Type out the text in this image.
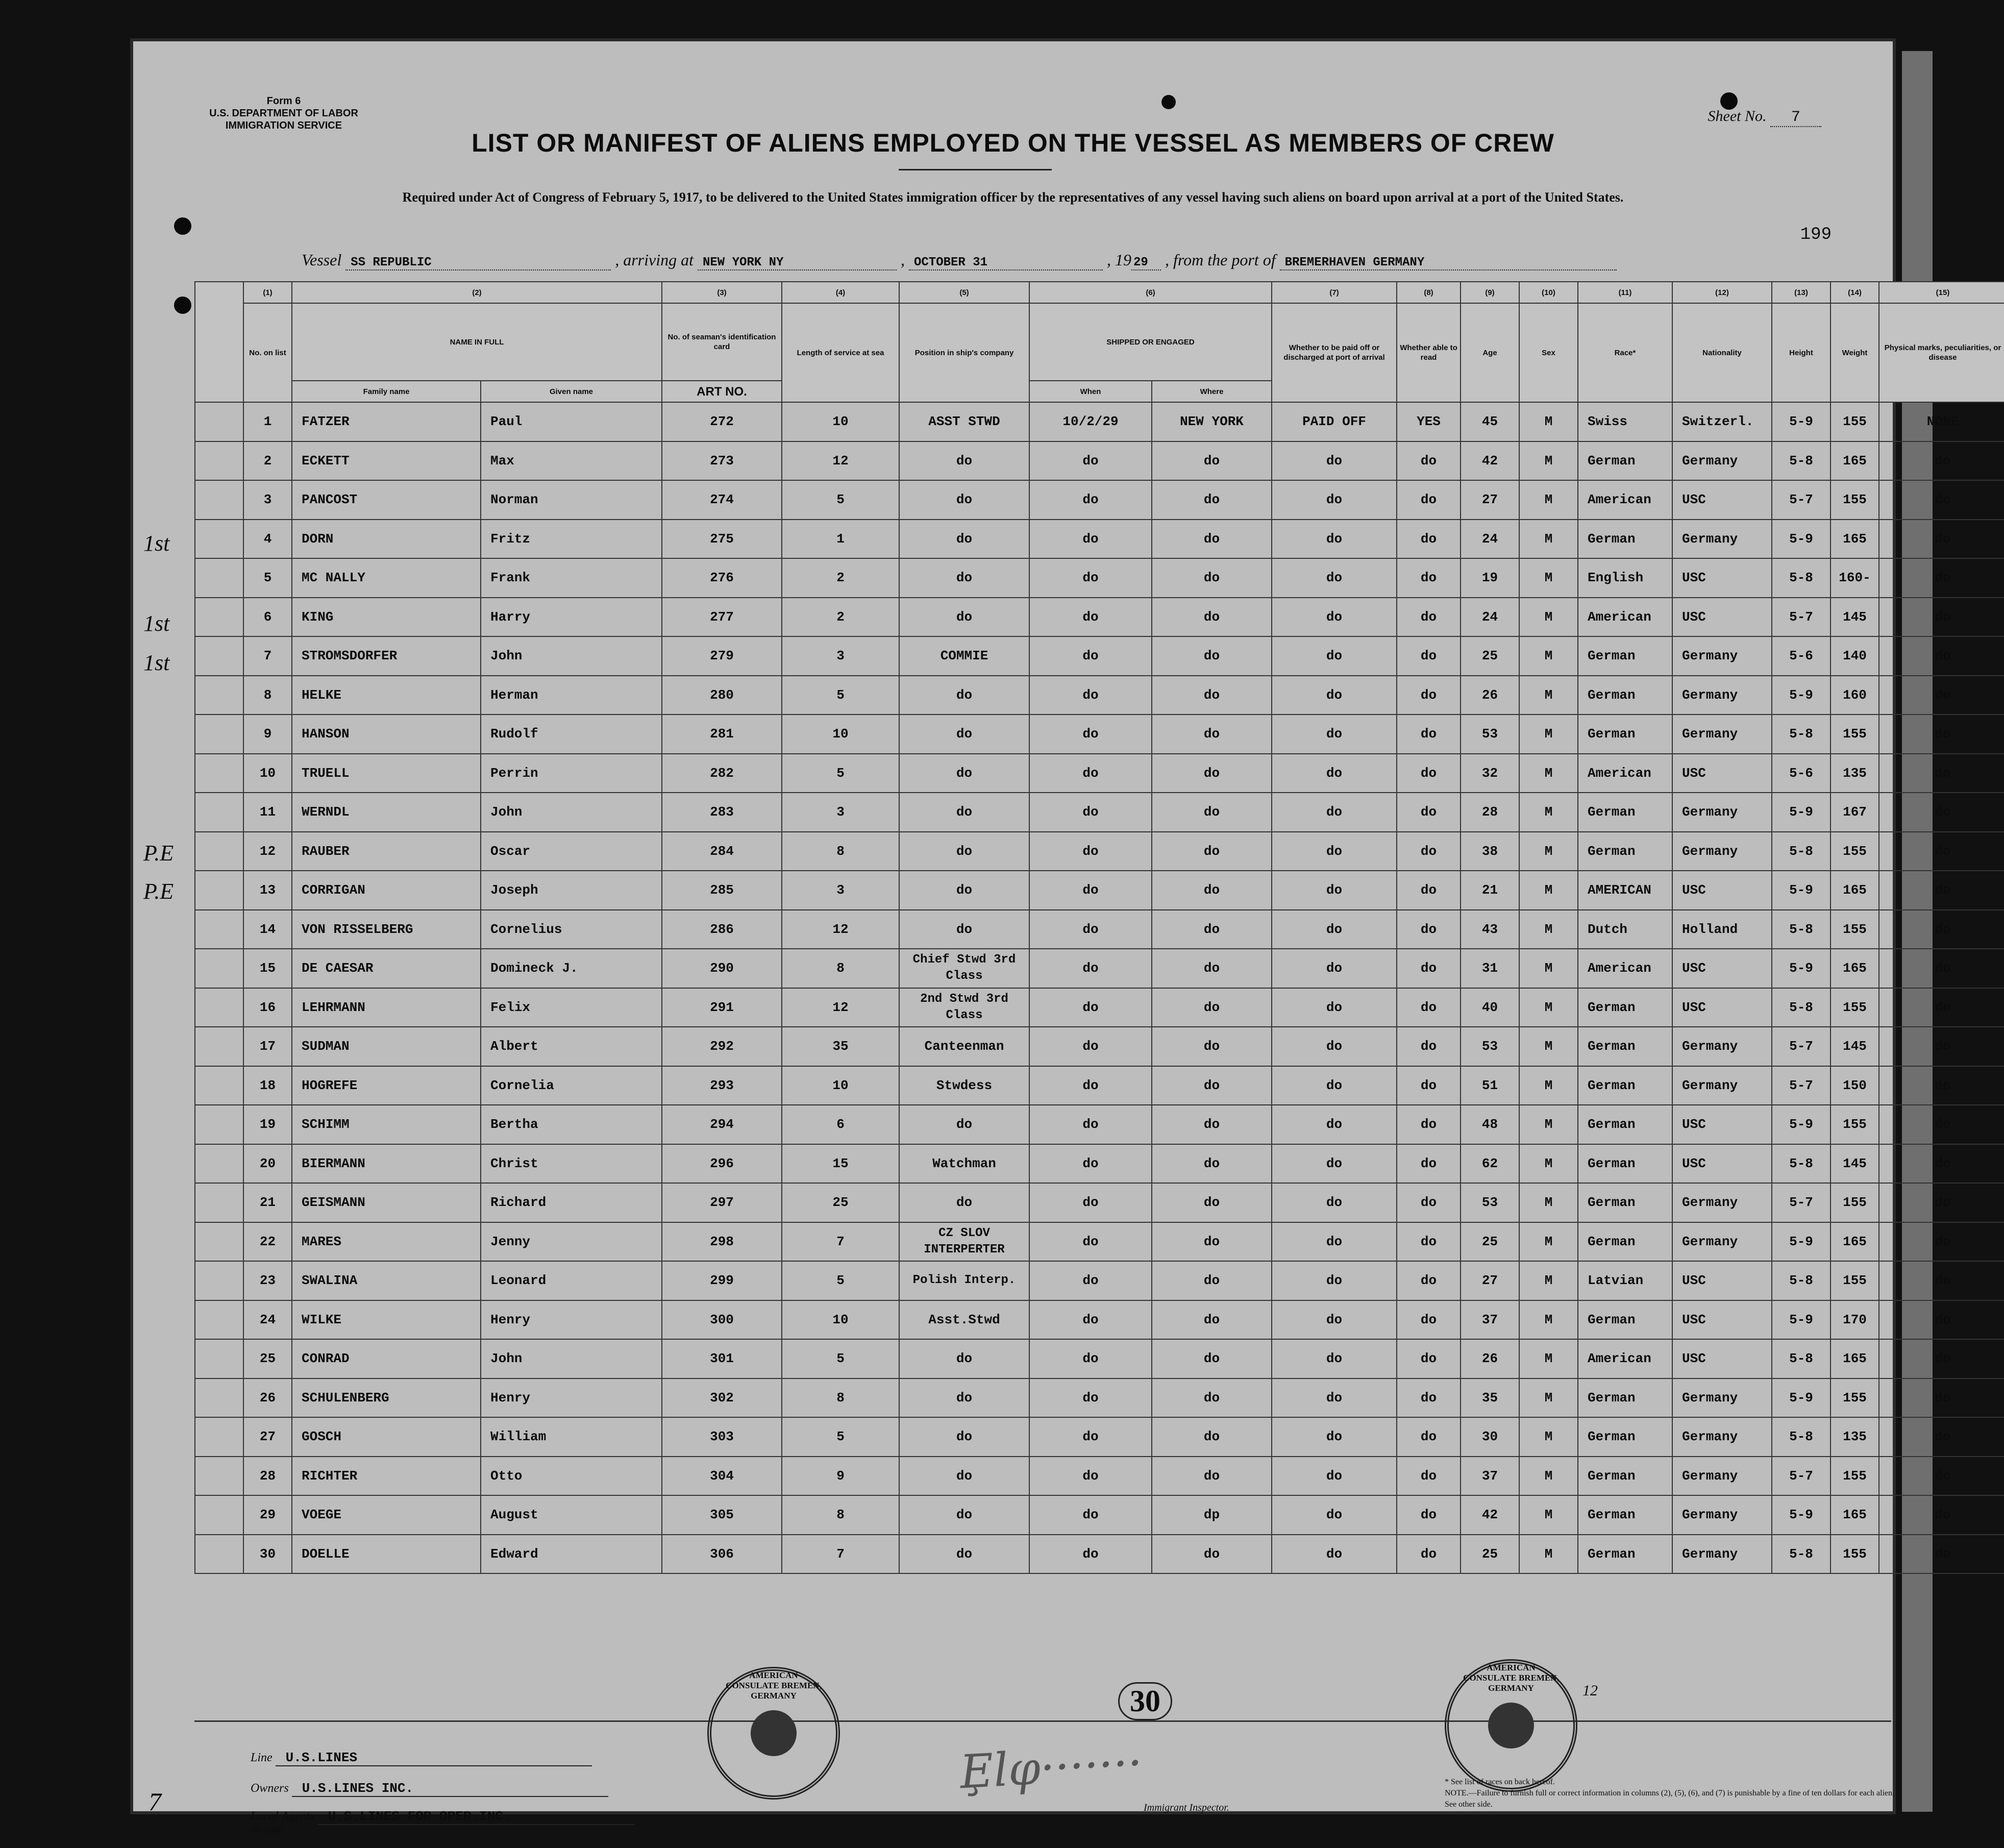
Form 6
U.S. DEPARTMENT OF LABOR
IMMIGRATION SERVICE
Sheet No. 7
LIST OR MANIFEST OF ALIENS EMPLOYED ON THE VESSEL AS MEMBERS OF CREW
Required under Act of Congress of February 5, 1917, to be delivered to the United States immigration officer by the representatives of any vessel having such aliens on board upon arrival at a port of the United States.
199
Vessel SS REPUBLIC	, arriving at NEW YORK NY	, OCTOBER 31	, 19 29 , from the port of BREMERHAVEN GERMANY
	(1)	(2)		(3)	(4)	(5)	(6)		(7)	(8)	(9)	(10)	(11)	(12)	(13)	(14)	(15)	
	No. on list	NAME IN FULL		No. of seaman's identification card	Length of service at sea	Position in ship's company	SHIPPED OR ENGAGED		Whether to be paid off or discharged at port of arrival	Whether able to read	Age	Sex	Race*	Nationality	Height	Weight	Physical marks, peculiarities, or disease	
		Family name	Given name	ART NO.			When	Where										
	1	FATZER	Paul	272	10	ASST STWD	10/2/29	NEW YORK	PAID OFF	YES	45	M	Swiss	Switzerl.	5-9	155	NONE	
	2	ECKETT	Max	273	12	do	do	do	do	do	42	M	German	Germany	5-8	165	do	
	3	PANCOST	Norman	274	5	do	do	do	do	do	27	M	American	USC	5-7	155	do	
	4	DORN	Fritz	275	1	do	do	do	do	do	24	M	German	Germany	5-9	165	do	
	5	MC NALLY	Frank	276	2	do	do	do	do	do	19	M	English	USC	5-8	160-	do	
	6	KING	Harry	277	2	do	do	do	do	do	24	M	American	USC	5-7	145	do	
	7	STROMSDORFER	John	279	3	COMMIE	do	do	do	do	25	M	German	Germany	5-6	140	do	
	8	HELKE	Herman	280	5	do	do	do	do	do	26	M	German	Germany	5-9	160	do	
	9	HANSON	Rudolf	281	10	do	do	do	do	do	53	M	German	Germany	5-8	155	do	
	10	TRUELL	Perrin	282	5	do	do	do	do	do	32	M	American	USC	5-6	135	do	
	11	WERNDL	John	283	3	do	do	do	do	do	28	M	German	Germany	5-9	167	do	
	12	RAUBER	Oscar	284	8	do	do	do	do	do	38	M	German	Germany	5-8	155	do	
	13	CORRIGAN	Joseph	285	3	do	do	do	do	do	21	M	AMERICAN	USC	5-9	165	do	
	14	VON RISSELBERG	Cornelius	286	12	do	do	do	do	do	43	M	Dutch	Holland	5-8	155	do	
	15	DE CAESAR	Domineck J.	290	8	Chief Stwd 3rd Class	do	do	do	do	31	M	American	USC	5-9	165	do	
	16	LEHRMANN	Felix	291	12	2nd Stwd 3rd Class	do	do	do	do	40	M	German	USC	5-8	155	do	
	17	SUDMAN	Albert	292	35	Canteenman	do	do	do	do	53	M	German	Germany	5-7	145	do	
	18	HOGREFE	Cornelia	293	10	Stwdess	do	do	do	do	51	M	German	Germany	5-7	150	do	
	19	SCHIMM	Bertha	294	6	do	do	do	do	do	48	M	German	USC	5-9	155	do	
	20	BIERMANN	Christ	296	15	Watchman	do	do	do	do	62	M	German	USC	5-8	145	do	
	21	GEISMANN	Richard	297	25	do	do	do	do	do	53	M	German	Germany	5-7	155	do	
	22	MARES	Jenny	298	7	CZ SLOV INTERPERTER	do	do	do	do	25	M	German	Germany	5-9	165	do	
	23	SWALINA	Leonard	299	5	Polish Interp.	do	do	do	do	27	M	Latvian	USC	5-8	155	do	
	24	WILKE	Henry	300	10	Asst.Stwd	do	do	do	do	37	M	German	USC	5-9	170	do	
	25	CONRAD	John	301	5	do	do	do	do	do	26	M	American	USC	5-8	165	do	
	26	SCHULENBERG	Henry	302	8	do	do	do	do	do	35	M	German	Germany	5-9	155	do	
	27	GOSCH	William	303	5	do	do	do	do	do	30	M	German	Germany	5-8	135	do	
	28	RICHTER	Otto	304	9	do	do	do	do	do	37	M	German	Germany	5-7	155	do	
	29	VOEGE	August	305	8	do	do	dp	do	do	42	M	German	Germany	5-9	165	do	
	30	DOELLE	Edward	306	7	do	do	do	do	do	25	M	German	Germany	5-8	155	do	
1st
1st
1st
P.E
P.E
30
Line U.S.LINES
Owners U.S.LINES INC.
Local Agents U.S.LINES FOR OPER.INC.
14—1340
AMERICAN CONSULATE BREMEN, GERMANY
AMERICAN CONSULATE BREMEN, GERMANY
Ȩlφ·······
Immigrant Inspector.
12
7
* See list of races on back hereof.
NOTE.—Failure to furnish full or correct information in columns (2), (5), (6), and (7) is punishable by a fine of ten dollars for each alien. See other side.
